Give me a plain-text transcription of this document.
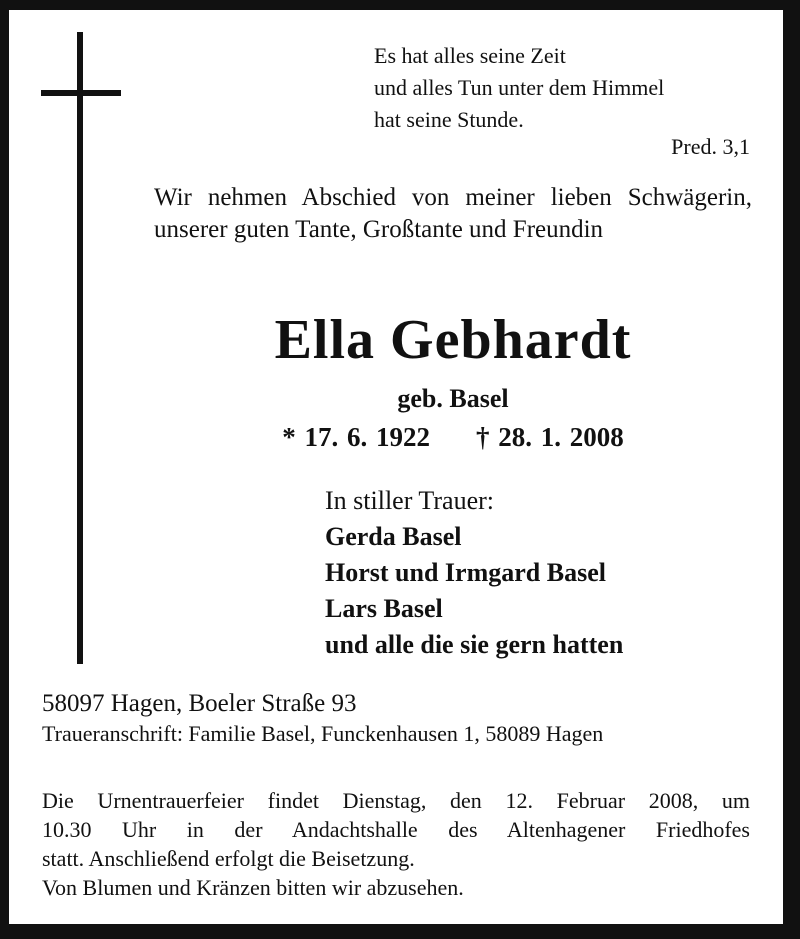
Es hat alles seine Zeit
und alles Tun unter dem Himmel
hat seine Stunde.
Pred. 3,1
Wir nehmen Abschied von meiner lieben Schwägerin, unserer guten Tante, Großtante und Freundin
Ella Gebhardt
geb. Basel
* 17. 6. 1922 † 28. 1. 2008
In stiller Trauer:
Gerda Basel
Horst und Irmgard Basel
Lars Basel
und alle die sie gern hatten
58097 Hagen, Boeler Straße 93
Traueranschrift: Familie Basel, Funckenhausen 1, 58089 Hagen
Die Urnentrauerfeier findet Dienstag, den 12. Februar 2008, um
10.30 Uhr in der Andachtshalle des Altenhagener Friedhofes
statt. Anschließend erfolgt die Beisetzung.
Von Blumen und Kränzen bitten wir abzusehen.
